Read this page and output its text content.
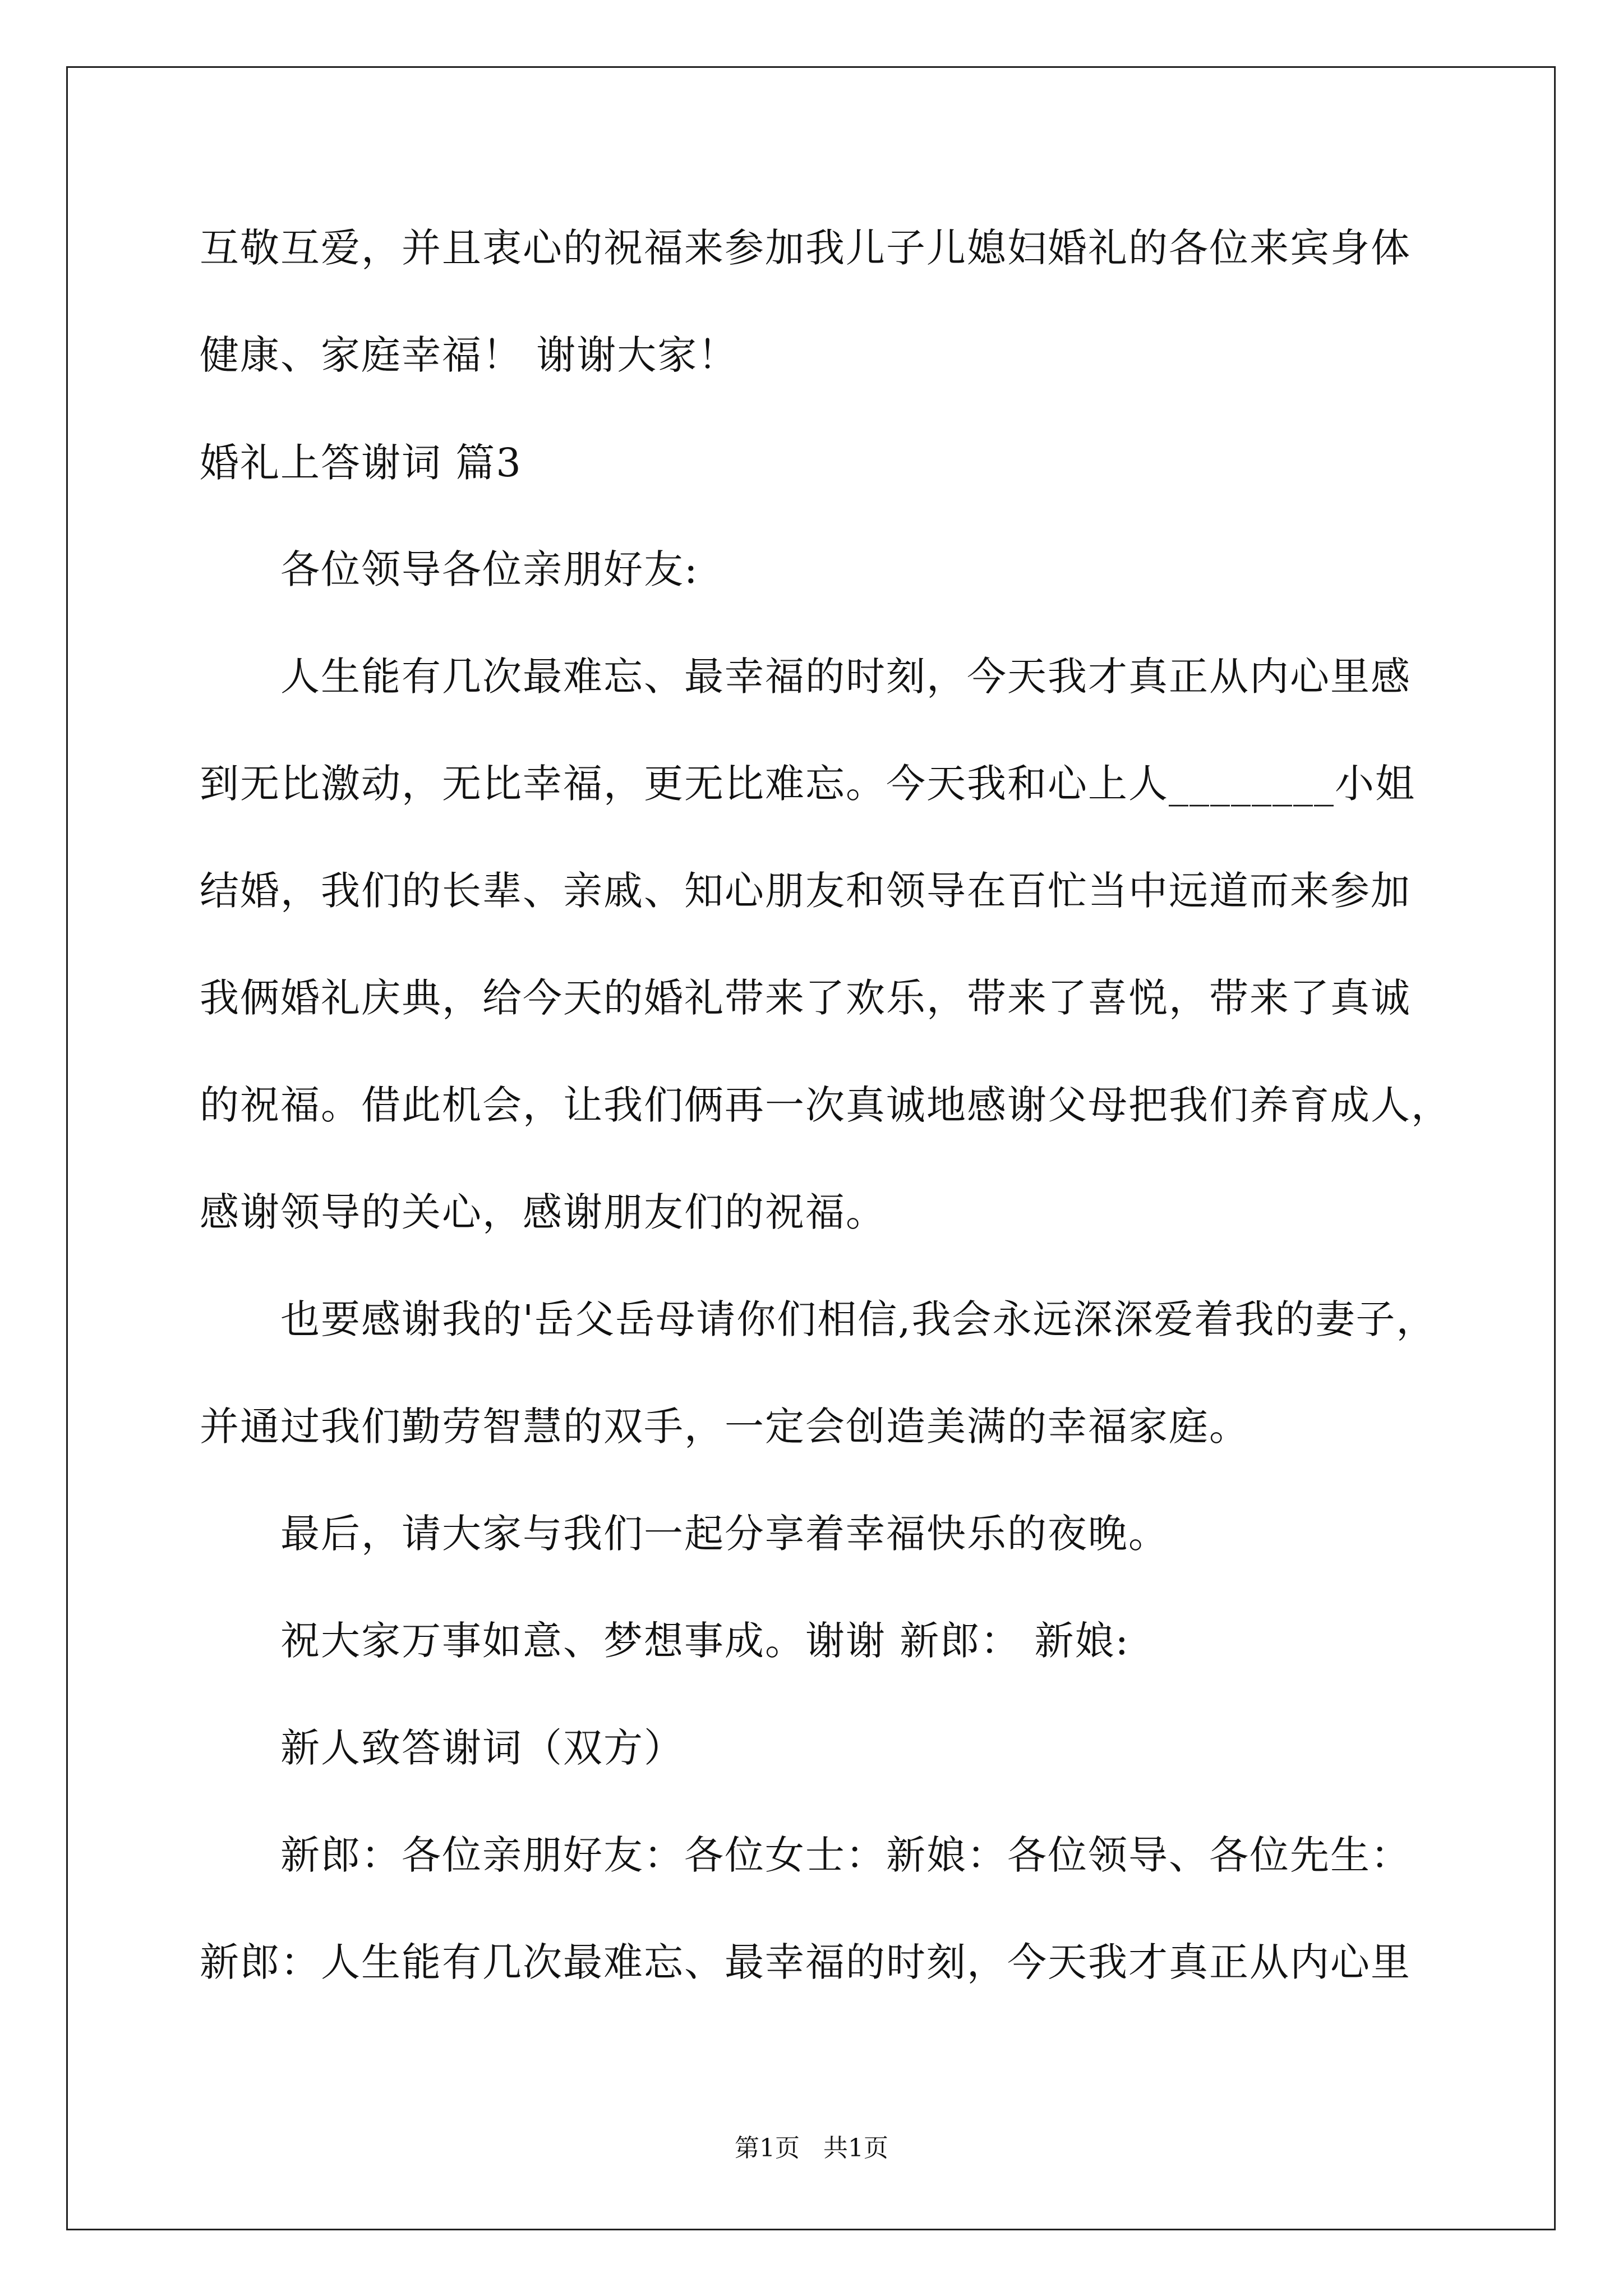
互敬互爱，并且衷心的祝福来参加我儿子儿媳妇婚礼的各位来宾身体
健康、家庭幸福！ 谢谢大家！
婚礼上答谢词 篇3
各位领导各位亲朋好友:
人生能有几次最难忘、最幸福的时刻，今天我才真正从内心里感
到无比激动，无比幸福，更无比难忘。今天我和心上人________小姐
结婚，我们的长辈、亲戚、知心朋友和领导在百忙当中远道而来参加
我俩婚礼庆典，给今天的婚礼带来了欢乐，带来了喜悦，带来了真诚
的祝福。借此机会，让我们俩再一次真诚地感谢父母把我们养育成人，
感谢领导的关心，感谢朋友们的祝福。
也要感谢我的'岳父岳母请你们相信,我会永远深深爱着我的妻子，
并通过我们勤劳智慧的双手，一定会创造美满的幸福家庭。
最后，请大家与我们一起分享着幸福快乐的夜晚。
祝大家万事如意、梦想事成。谢谢 新郎： 新娘:
新人致答谢词（双方）
新郎：各位亲朋好友：各位女士：新娘：各位领导、各位先生：
新郎：人生能有几次最难忘、最幸福的时刻，今天我才真正从内心里
第1页   共1页
